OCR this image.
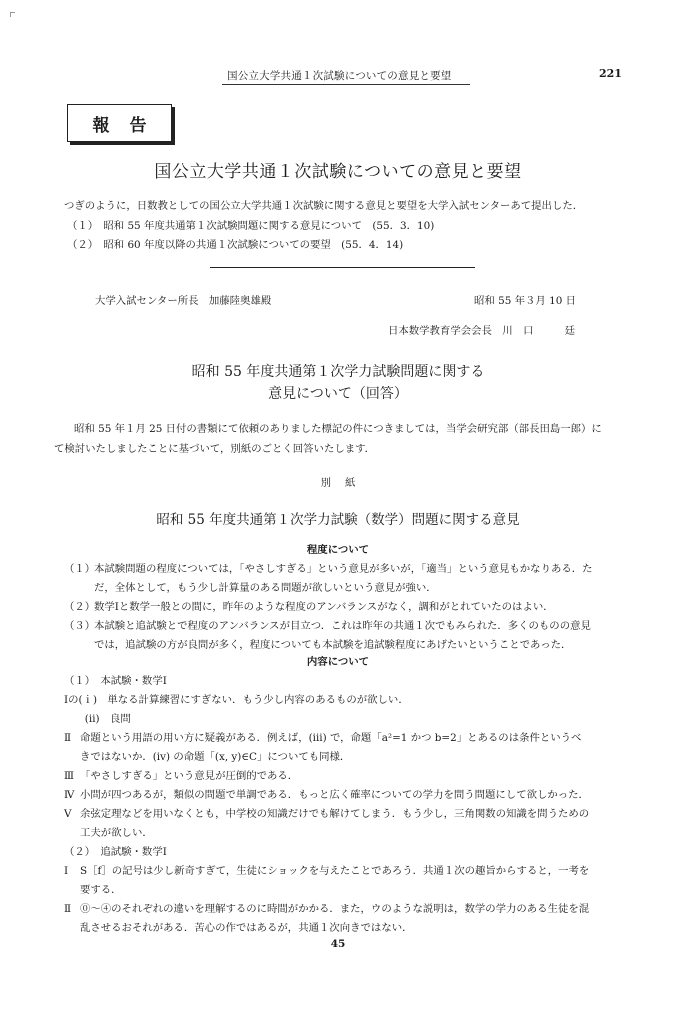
国公立大学共通１次試験についての意見と要望	221
報告
国公立大学共通１次試験についての意見と要望
つぎのように，日数教としての国公立大学共通１次試験に関する意見と要望を大学入試センターあて提出した．
（１）　昭和 55 年度共通第１次試験問題に関する意見について　(55．3．10)
（２）　昭和 60 年度以降の共通１次試験についての要望　(55．4．14)
大学入試センター所長　加藤陸奥雄殿	昭和 55 年３月 10 日
日本数学教育学会会長　川　口　　　廷
昭和 55 年度共通第１次学力試験問題に関する
意見について（回答）
昭和 55 年１月 25 日付の書類にて依頼のありました標記の件につきましては，当学会研究部（部長田島一郎）に
て検討いたしましたことに基づいて，別紙のごとく回答いたします．
別紙
昭和 55 年度共通第１次学力試験（数学）問題に関する意見
程度について
（１）本試験問題の程度については，「やさしすぎる」という意見が多いが，「適当」という意見もかなりある．た
だ，全体として，もう少し計算量のある問題が欲しいという意見が強い．
（２）数学Ⅰと数学一般との間に，昨年のような程度のアンバランスがなく，調和がとれていたのはよい．
（３）本試験と追試験とで程度のアンバランスが目立つ．これは昨年の共通１次でもみられた．多くのものの意見
では，追試験の方が良問が多く，程度についても本試験を追試験程度にあげたいということであった．
内容について
（１）　本試験・数学Ⅰ
Ⅰの(ｉ)　 単なる計算練習にすぎない．もう少し内容のあるものが欲しい．
　　(ⅱ)　 良問
Ⅱ 命題という用語の用い方に疑義がある．例えば，(ⅲ) で，命題「a²=1 かつ b=2」とあるのは条件というべ
きではないか．(ⅳ) の命題「(x, y)∈C」についても同様．
Ⅲ 「やさしすぎる」という意見が圧倒的である．
Ⅳ 小問が四つあるが，類似の問題で単調である．もっと広く確率についての学力を問う問題にして欲しかった．
Ⅴ 余弦定理などを用いなくとも，中学校の知識だけでも解けてしまう．もう少し，三角関数の知識を問うための
工夫が欲しい．
（２）　追試験・数学Ⅰ
Ⅰ S［f］の記号は少し新奇すぎて，生徒にショックを与えたことであろう．共通１次の趣旨からすると，一考を
要する．
Ⅱ ⓪〜④のそれぞれの違いを理解するのに時間がかかる．また，ウのような説明は，数学の学力のある生徒を混
乱させるおそれがある．苦心の作ではあるが，共通１次向きではない．
45
